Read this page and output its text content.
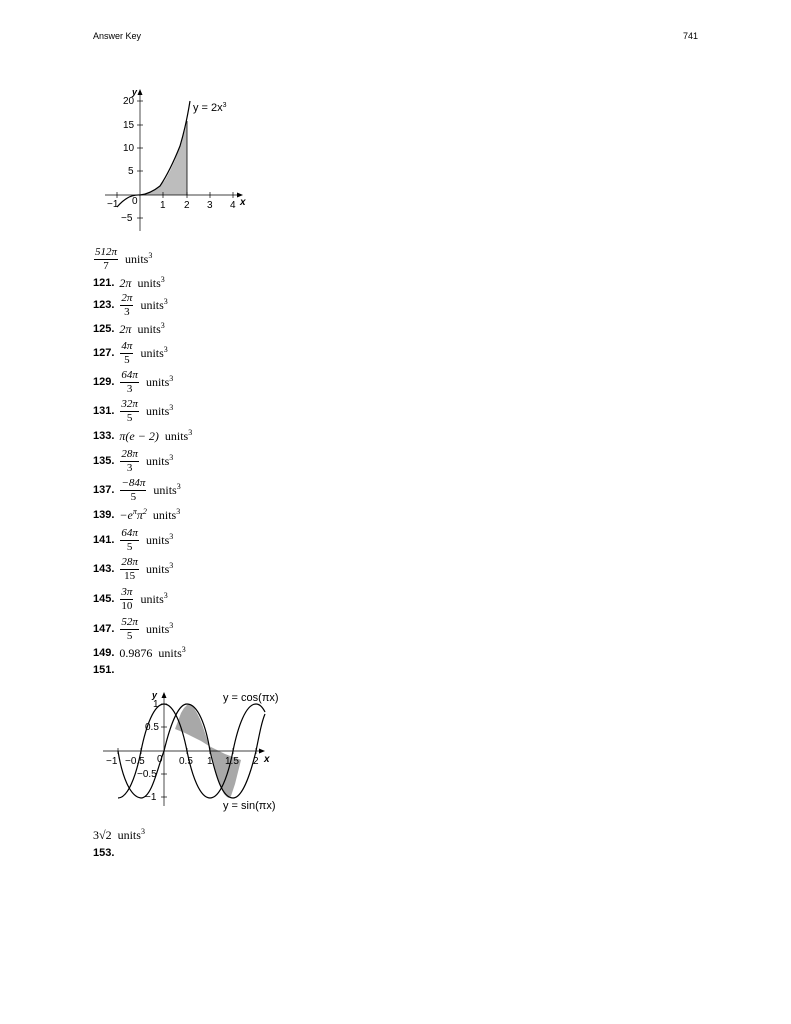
Answer Key	741
y
x
20
15
10
5
−5
−1 0 1 2 3 4
$y = 2x^3$
$\frac{512\pi}{7}$ units$^3$
121. 2π units$^3$
123. $\frac{2\pi}{3}$ units$^3$
125. 2π units$^3$
127. $\frac{4\pi}{5}$ units$^3$
129. $\frac{64\pi}{3}$ units$^3$
131. $\frac{32\pi}{5}$ units$^3$
133. π(e − 2) units$^3$
135. $\frac{28\pi}{3}$ units$^3$
137. $\frac{-84\pi}{5}$ units$^3$
139. $-e^\pi\pi^2$ units$^3$
141. $\frac{64\pi}{5}$ units$^3$
143. $\frac{28\pi}{15}$ units$^3$
145. $\frac{3\pi}{10}$ units$^3$
147. $\frac{52\pi}{5}$ units$^3$
149. 0.9876 units$^3$
151.
y
x
1
0.5
−0.5
−1
−1 −0.5 0 0.5 1 1.5 2
y = cos(πx)
y = sin(πx)
3√2 units$^3$
153.
